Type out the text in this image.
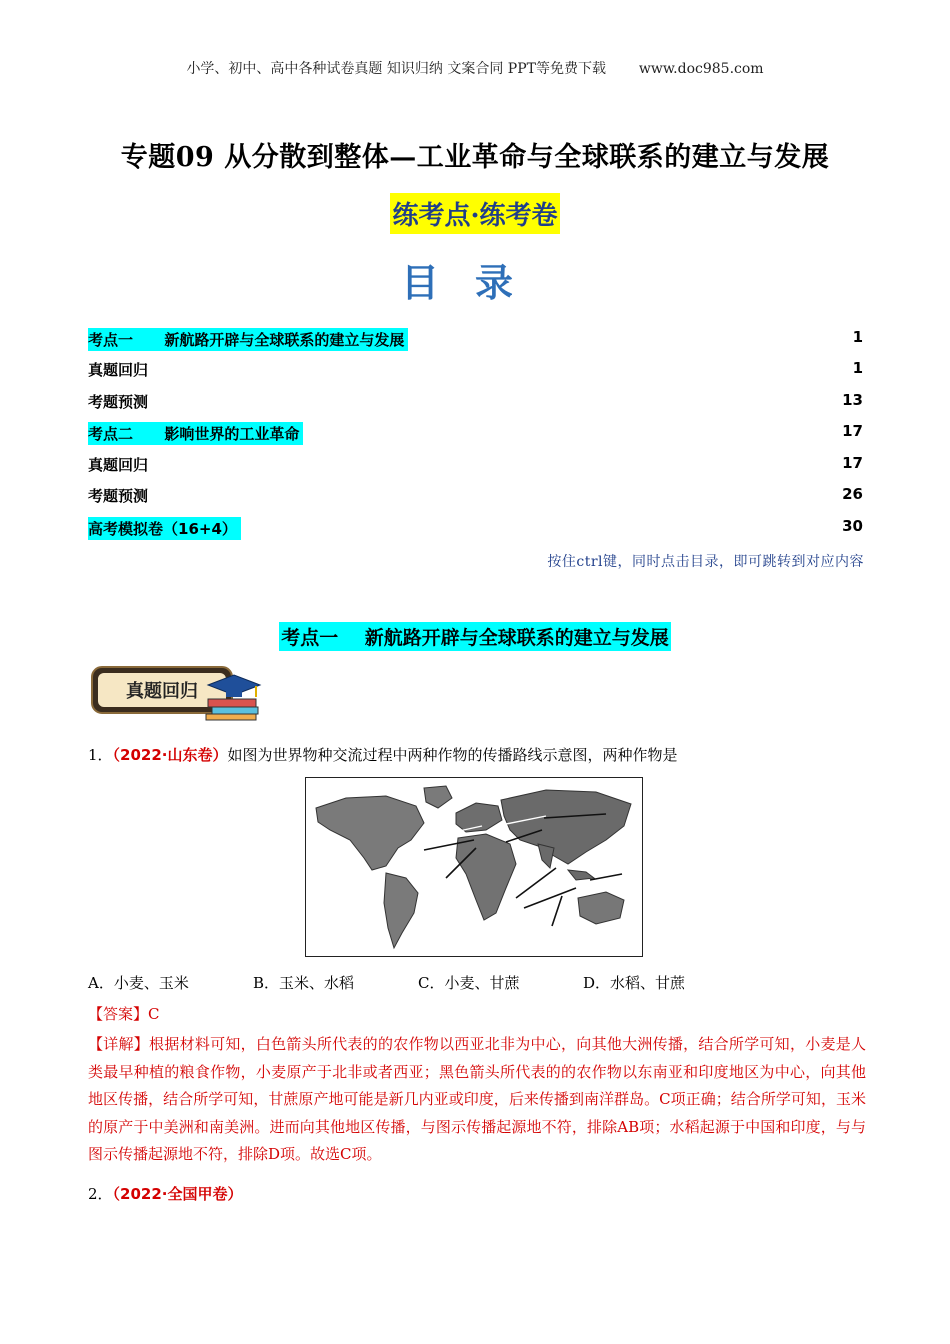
小学、初中、高中各种试卷真题 知识归纳 文案合同 PPT等免费下载 www.doc985.com
专题09 从分散到整体—工业革命与全球联系的建立与发展
练考点·练考卷
目录
考点一      新航路开辟与全球联系的建立与发展	1
真题回归	1
考题预测	13
考点二      影响世界的工业革命	17
真题回归	17
考题预测	26
高考模拟卷（16+4）	30
按住ctrl键，同时点击目录，即可跳转到对应内容
考点一    新航路开辟与全球联系的建立与发展
真题回归
1．（2022·山东卷）如图为世界物种交流过程中两种作物的传播路线示意图，两种作物是
A．小麦、玉米	B．玉米、水稻	C．小麦、甘蔗	D．水稻、甘蔗
【答案】C
【详解】根据材料可知，白色箭头所代表的的农作物以西亚北非为中心，向其他大洲传播，结合所学可知，小麦是人类最早种植的粮食作物，小麦原产于北非或者西亚；黑色箭头所代表的的农作物以东南亚和印度地区为中心，向其他地区传播，结合所学可知，甘蔗原产地可能是新几内亚或印度，后来传播到南洋群岛。C项正确；结合所学可知，玉米的原产于中美洲和南美洲。进而向其他地区传播，与图示传播起源地不符，排除AB项；水稻起源于中国和印度，与与图示传播起源地不符，排除D项。故选C项。
2．（2022·全国甲卷）
